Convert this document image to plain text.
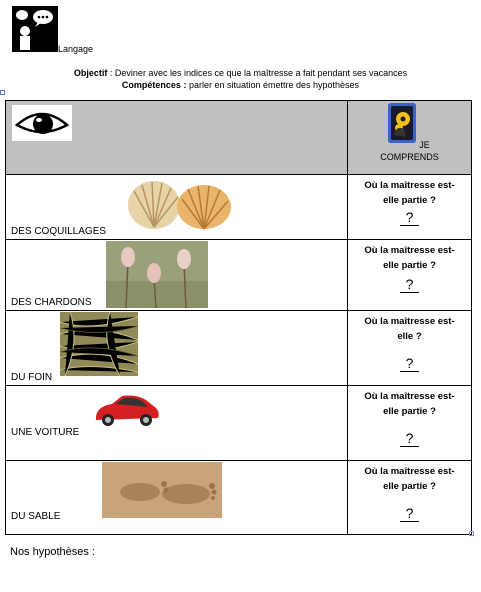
Langage
Objectif : Deviner avec les indices ce que la maîtresse a fait pendant ses vacances
Compétences : parler en situation émettre des hypothèses

JE
COMPRENDS

DES COQUILLAGES	Où la maîtresse est-
elle partie ?
?

DES CHARDONS	Où la maîtresse est-
elle partie ?
?

DU FOIN	Où la maîtresse est-
elle ?
?

UNE VOITURE	Où la maîtresse est-
elle partie ?
?

DU SABLE	Où la maîtresse est-
elle partie ?
?
Nos hypothèses :
